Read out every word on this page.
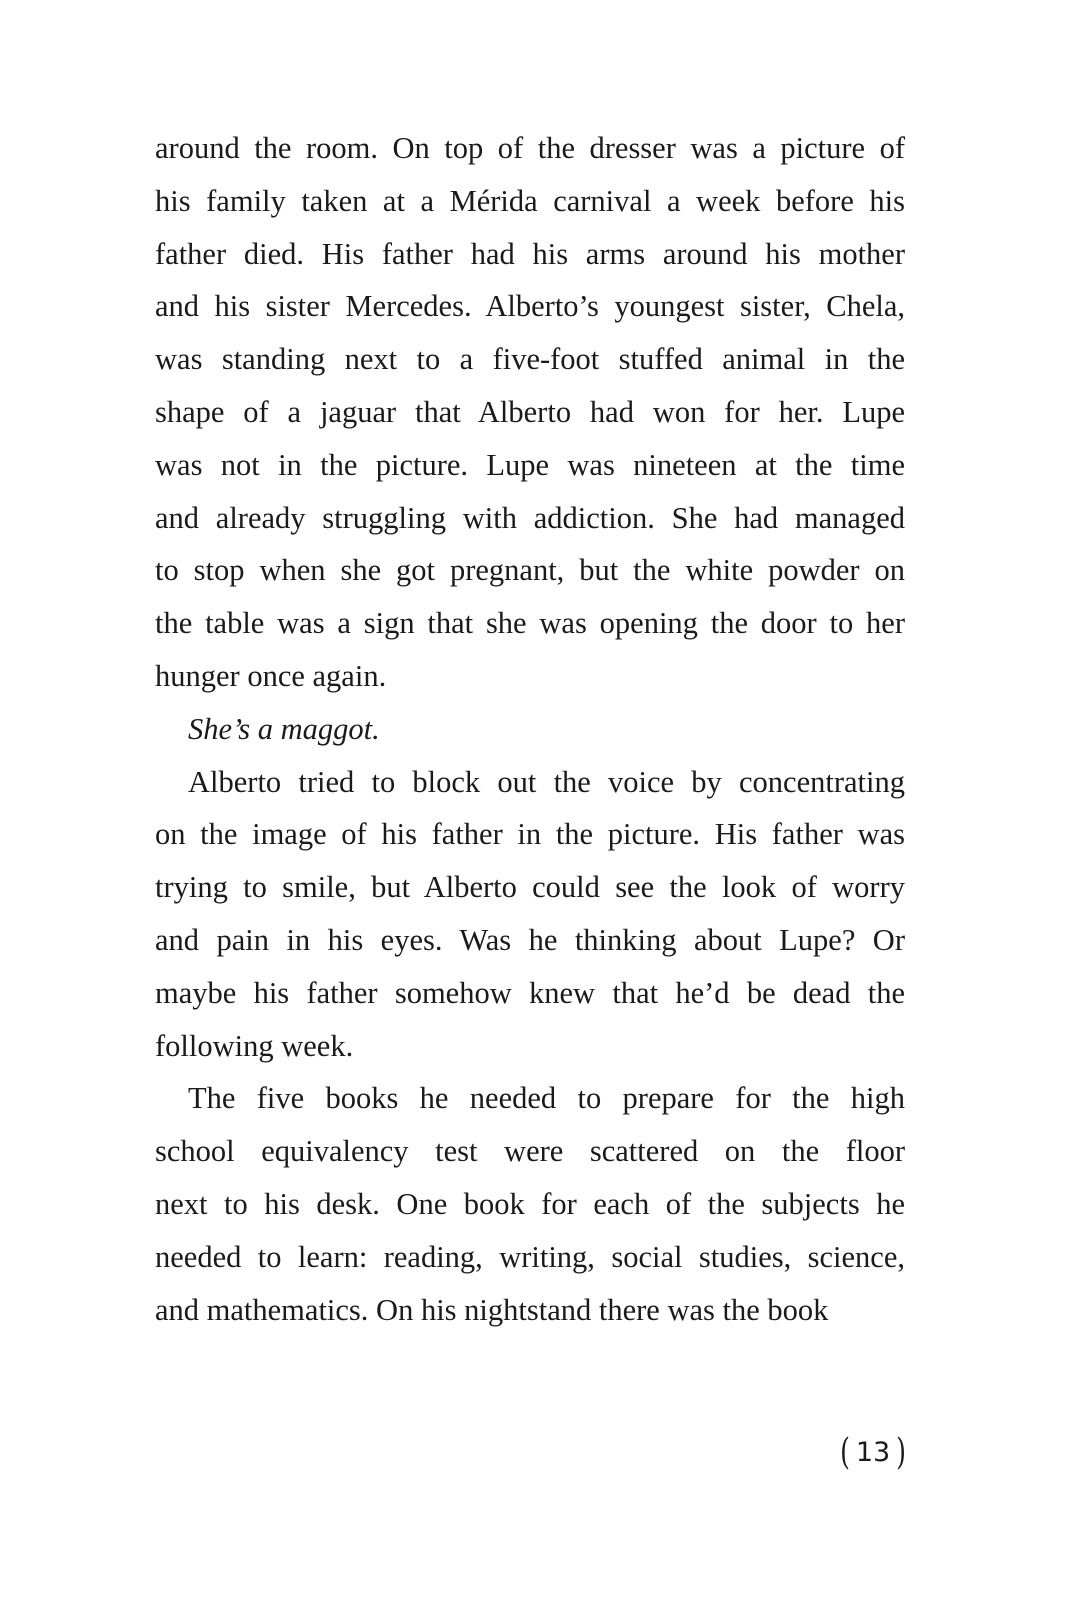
around the room. On top of the dresser was a picture of
his family taken at a Mérida carnival a week before his
father died. His father had his arms around his mother
and his sister Mercedes. Alberto’s youngest sister, Chela,
was standing next to a five-foot stuffed animal in the
shape of a jaguar that Alberto had won for her. Lupe
was not in the picture. Lupe was nineteen at the time
and already struggling with addiction. She had managed
to stop when she got pregnant, but the white powder on
the table was a sign that she was opening the door to her
hunger once again.
She’s a maggot.
Alberto tried to block out the voice by concentrating
on the image of his father in the picture. His father was
trying to smile, but Alberto could see the look of worry
and pain in his eyes. Was he thinking about Lupe? Or
maybe his father somehow knew that he’d be dead the
following week.
The five books he needed to prepare for the high
school equivalency test were scattered on the floor
next to his desk. One book for each of the subjects he
needed to learn: reading, writing, social studies, science,
and mathematics. On his nightstand there was the book
( 13 )
